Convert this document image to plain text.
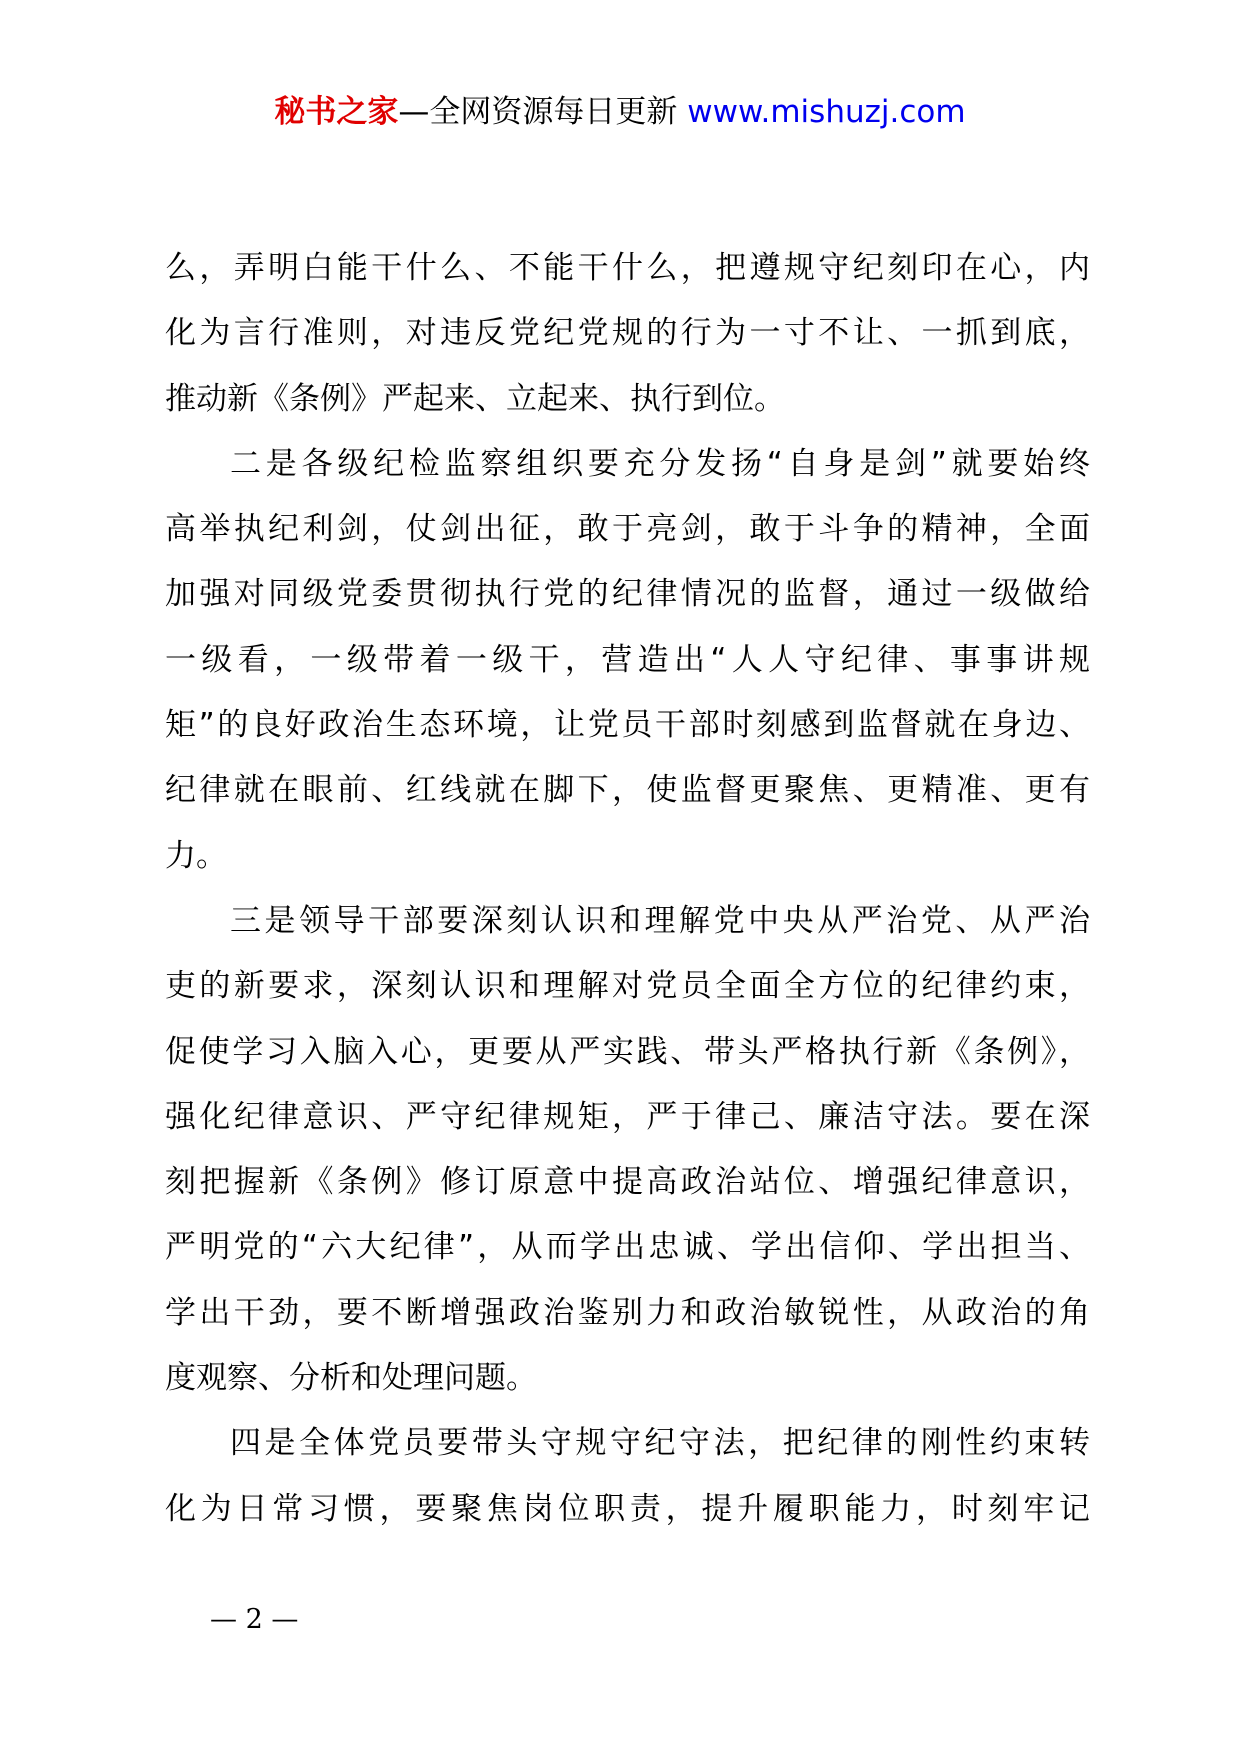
秘书之家—全网资源每日更新 www.mishuzj.com
么，弄明白能干什么、不能干什么，把遵规守纪刻印在心，内
化为言行准则，对违反党纪党规的行为一寸不让、一抓到底，
推动新《条例》严起来、立起来、执行到位。
二是各级纪检监察组织要充分发扬“自身是剑”就要始终
高举执纪利剑，仗剑出征，敢于亮剑，敢于斗争的精神，全面
加强对同级党委贯彻执行党的纪律情况的监督，通过一级做给
一级看，一级带着一级干，营造出“人人守纪律、事事讲规
矩”的良好政治生态环境，让党员干部时刻感到监督就在身边、
纪律就在眼前、红线就在脚下，使监督更聚焦、更精准、更有
力。
三是领导干部要深刻认识和理解党中央从严治党、从严治
吏的新要求，深刻认识和理解对党员全面全方位的纪律约束，
促使学习入脑入心，更要从严实践、带头严格执行新《条例》，
强化纪律意识、严守纪律规矩，严于律己、廉洁守法。要在深
刻把握新《条例》修订原意中提高政治站位、增强纪律意识，
严明党的“六大纪律”，从而学出忠诚、学出信仰、学出担当、
学出干劲，要不断增强政治鉴别力和政治敏锐性，从政治的角
度观察、分析和处理问题。
四是全体党员要带头守规守纪守法，把纪律的刚性约束转
化为日常习惯，要聚焦岗位职责，提升履职能力，时刻牢记
— 2 —
